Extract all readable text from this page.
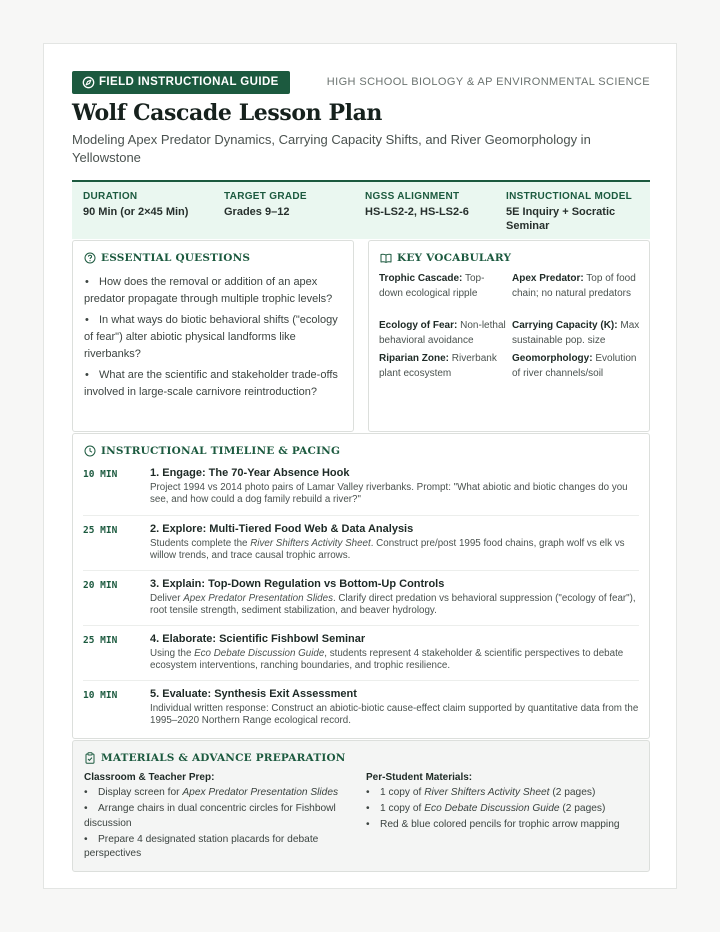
FIELD INSTRUCTIONAL GUIDE	HIGH SCHOOL BIOLOGY & AP ENVIRONMENTAL SCIENCE
Wolf Cascade Lesson Plan
Modeling Apex Predator Dynamics, Carrying Capacity Shifts, and River Geomorphology in Yellowstone
DURATION
90 Min (or 2×45 Min)
TARGET GRADE
Grades 9–12
NGSS ALIGNMENT
HS-LS2-2, HS-LS2-6
INSTRUCTIONAL MODEL
5E Inquiry + Socratic Seminar
ESSENTIAL QUESTIONS
• How does the removal or addition of an apex predator propagate through multiple trophic levels?
• In what ways do biotic behavioral shifts ("ecology of fear") alter abiotic physical landforms like riverbanks?
• What are the scientific and stakeholder trade-offs involved in large-scale carnivore reintroduction?
KEY VOCABULARY
Trophic Cascade: Top-down ecological ripple
Apex Predator: Top of food chain; no natural predators
Ecology of Fear: Non-lethal behavioral avoidance
Carrying Capacity (K): Max sustainable pop. size
Riparian Zone: Riverbank plant ecosystem
Geomorphology: Evolution of river channels/soil
INSTRUCTIONAL TIMELINE & PACING
10 MIN	1. Engage: The 70-Year Absence Hook
Project 1994 vs 2014 photo pairs of Lamar Valley riverbanks. Prompt: "What abiotic and biotic changes do you see, and how could a dog family rebuild a river?"
25 MIN	2. Explore: Multi-Tiered Food Web & Data Analysis
Students complete the River Shifters Activity Sheet. Construct pre/post 1995 food chains, graph wolf vs elk vs willow trends, and trace causal trophic arrows.
20 MIN	3. Explain: Top-Down Regulation vs Bottom-Up Controls
Deliver Apex Predator Presentation Slides. Clarify direct predation vs behavioral suppression ("ecology of fear"), root tensile strength, sediment stabilization, and beaver hydrology.
25 MIN	4. Elaborate: Scientific Fishbowl Seminar
Using the Eco Debate Discussion Guide, students represent 4 stakeholder & scientific perspectives to debate ecosystem interventions, ranching boundaries, and trophic resilience.
10 MIN	5. Evaluate: Synthesis Exit Assessment
Individual written response: Construct an abiotic-biotic cause-effect claim supported by quantitative data from the 1995–2020 Northern Range ecological record.
MATERIALS & ADVANCE PREPARATION
Classroom & Teacher Prep:
• Display screen for Apex Predator Presentation Slides
• Arrange chairs in dual concentric circles for Fishbowl discussion
• Prepare 4 designated station placards for debate perspectives
Per-Student Materials:
• 1 copy of River Shifters Activity Sheet (2 pages)
• 1 copy of Eco Debate Discussion Guide (2 pages)
• Red & blue colored pencils for trophic arrow mapping
